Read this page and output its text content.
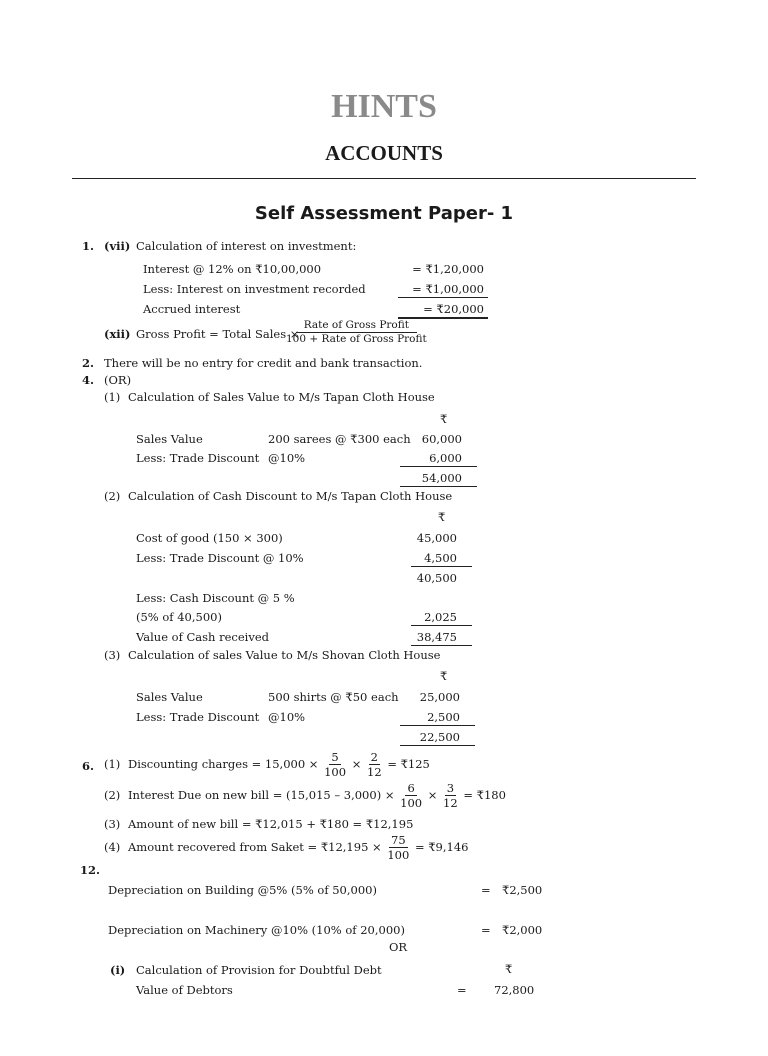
HINTS
ACCOUNTS
Self Assessment Paper- 1
1. (vii) Calculation of interest on investment:
Interest @ 12% on ₹10,00,000	= ₹1,20,000
Less: Interest on investment recorded	= ₹1,00,000
Accrued interest	= ₹20,000
(xii) Gross Profit = Total Sales ×
$\frac{\text{Rate of Gross Profit}}{\text{100 + Rate of Gross Profit}}$
2. There will be no entry for credit and bank transaction.
4. (OR)
(1) Calculation of Sales Value to M/s Tapan Cloth House
₹
Sales Value	200 sarees @ ₹300 each 60,000
Less: Trade Discount @10%	6,000
54,000
(2) Calculation of Cash Discount to M/s Tapan Cloth House
₹
Cost of good (150 × 300)	45,000
Less: Trade Discount @ 10%	4,500
40,500
Less: Cash Discount @ 5 %
(5% of 40,500)	2,025
Value of Cash received	38,475
(3) Calculation of sales Value to M/s Shovan Cloth House
₹
Sales Value	500 shirts @ ₹50 each	25,000
Less: Trade Discount @10%	2,500
22,500
6. (1) Discounting charges = $15,000 \times \frac{5}{100} \times \frac{2}{12}$ = ₹125
(2) Interest Due on new bill = $(15,015 - 3,000) \times \frac{6}{100} \times \frac{3}{12}$ = ₹180
(3) Amount of new bill = ₹12,015 + ₹180 = ₹12,195
(4) Amount recovered from Saket = ₹12,195 × $\frac{75}{100}$ = ₹9,146
12.
Depreciation on Building @5% (5% of 50,000)	= ₹2,500
Depreciation on Machinery @10% (10% of 20,000)	= ₹2,000
OR
(i) Calculation of Provision for Doubtful Debt	₹
Value of Debtors	= 72,800
